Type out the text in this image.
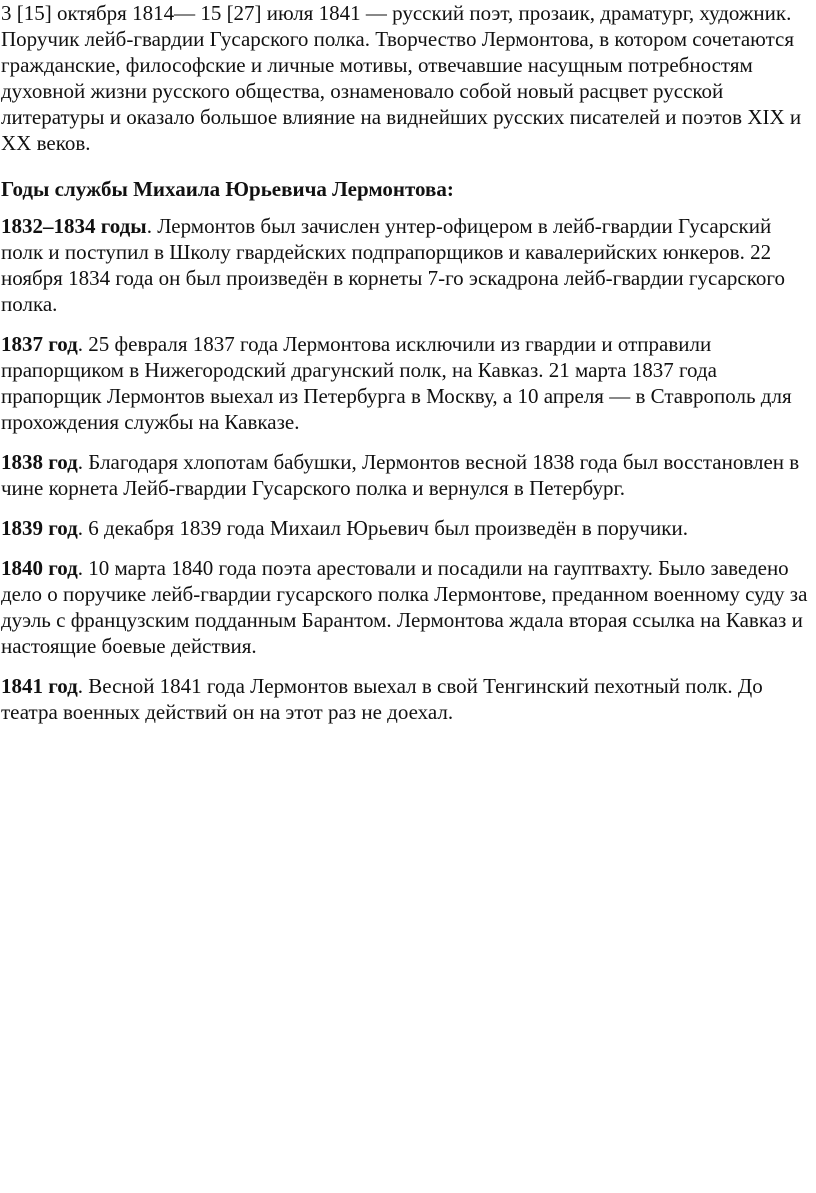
3 [15] октября 1814— 15 [27] июля 1841 — русский поэт, прозаик, драматург, художник. Поручик лейб-гвардии Гусарского полка. Творчество Лермонтова, в котором сочетаются гражданские, философские и личные мотивы, отвечавшие насущным потребностям духовной жизни русского общества, ознаменовало собой новый расцвет русской литературы и оказало большое влияние на виднейших русских писателей и поэтов XIX и XX веков.

Годы службы Михаила Юрьевича Лермонтова:

1832–1834 годы. Лермонтов был зачислен унтер-офицером в лейб-гвардии Гусарский полк и поступил в Школу гвардейских подпрапорщиков и кавалерийских юнкеров. 22 ноября 1834 года он был произведён в корнеты 7-го эскадрона лейб-гвардии гусарского полка.

1837 год. 25 февраля 1837 года Лермонтова исключили из гвардии и отправили прапорщиком в Нижегородский драгунский полк, на Кавказ. 21 марта 1837 года прапорщик Лермонтов выехал из Петербурга в Москву, а 10 апреля — в Ставрополь для прохождения службы на Кавказе.

1838 год. Благодаря хлопотам бабушки, Лермонтов весной 1838 года был восстановлен в чине корнета Лейб-гвардии Гусарского полка и вернулся в Петербург.

1839 год. 6 декабря 1839 года Михаил Юрьевич был произведён в поручики.

1840 год. 10 марта 1840 года поэта арестовали и посадили на гауптвахту. Было заведено дело о поручике лейб-гвардии гусарского полка Лермонтове, преданном военному суду за дуэль с французским подданным Барантом. Лермонтова ждала вторая ссылка на Кавказ и настоящие боевые действия.

1841 год. Весной 1841 года Лермонтов выехал в свой Тенгинский пехотный полк. До театра военных действий он на этот раз не доехал.
